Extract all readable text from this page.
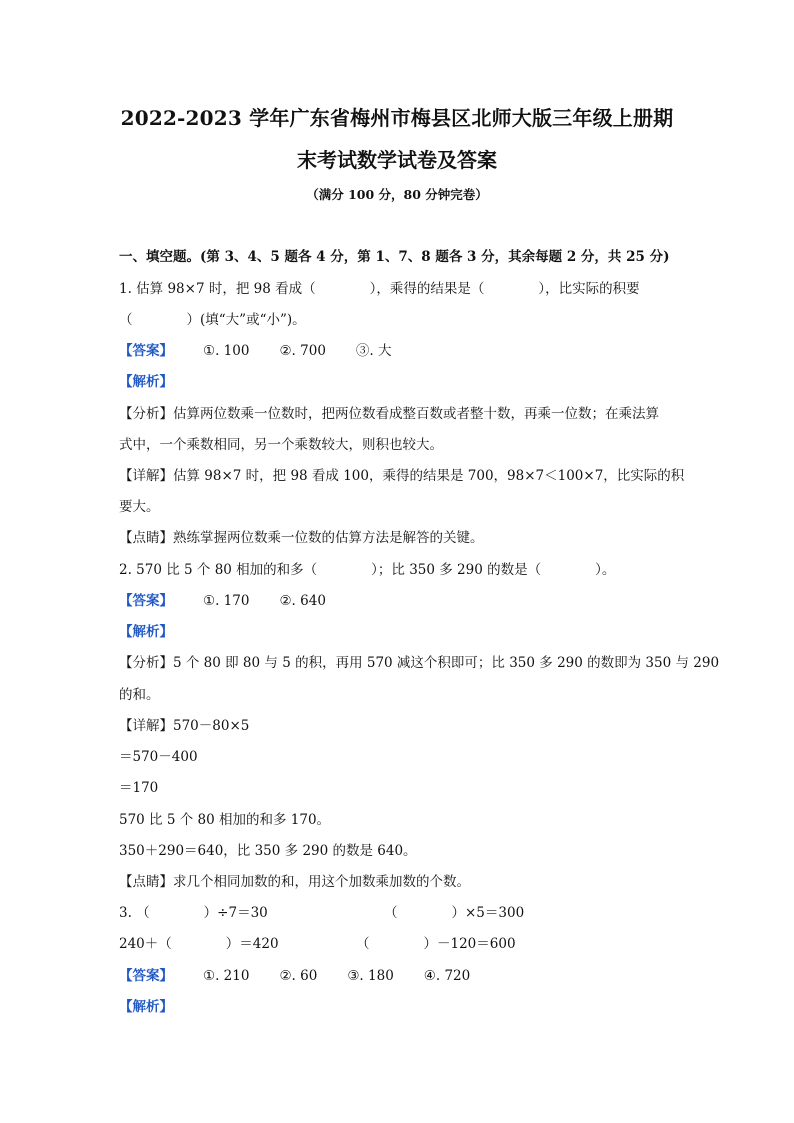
2022-2023 学年广东省梅州市梅县区北师大版三年级上册期
末考试数学试卷及答案
（满分 100 分，80 分钟完卷）
一、填空题。(第 3、4、5 题各 4 分，第 1、7、8 题各 3 分，其余每题 2 分，共 25 分)
1. 估算 98×7 时，把 98 看成（　　　　），乘得的结果是（　　　　），比实际的积要
（　　　　）(填“大”或“小”)。
【答案】 ①. 100 ②. 700 ③. 大
【解析】
【分析】估算两位数乘一位数时，把两位数看成整百数或者整十数，再乘一位数；在乘法算
式中，一个乘数相同，另一个乘数较大，则积也较大。
【详解】估算 98×7 时，把 98 看成 100，乘得的结果是 700，98×7＜100×7，比实际的积
要大。
【点睛】熟练掌握两位数乘一位数的估算方法是解答的关键。
2. 570 比 5 个 80 相加的和多（　　　　）；比 350 多 290 的数是（　　　　）。
【答案】 ①. 170 ②. 640
【解析】
【分析】5 个 80 即 80 与 5 的积，再用 570 减这个积即可；比 350 多 290 的数即为 350 与 290
的和。
【详解】570－80×5
＝570－400
＝170
570 比 5 个 80 相加的和多 170。
350＋290＝640，比 350 多 290 的数是 640。
【点睛】求几个相同加数的和，用这个加数乘加数的个数。
3. （　　　　）÷7＝30	（　　　　）×5＝300
240＋（　　　　）＝420	（　　　　）－120＝600
【答案】 ①. 210 ②. 60 ③. 180 ④. 720
【解析】
